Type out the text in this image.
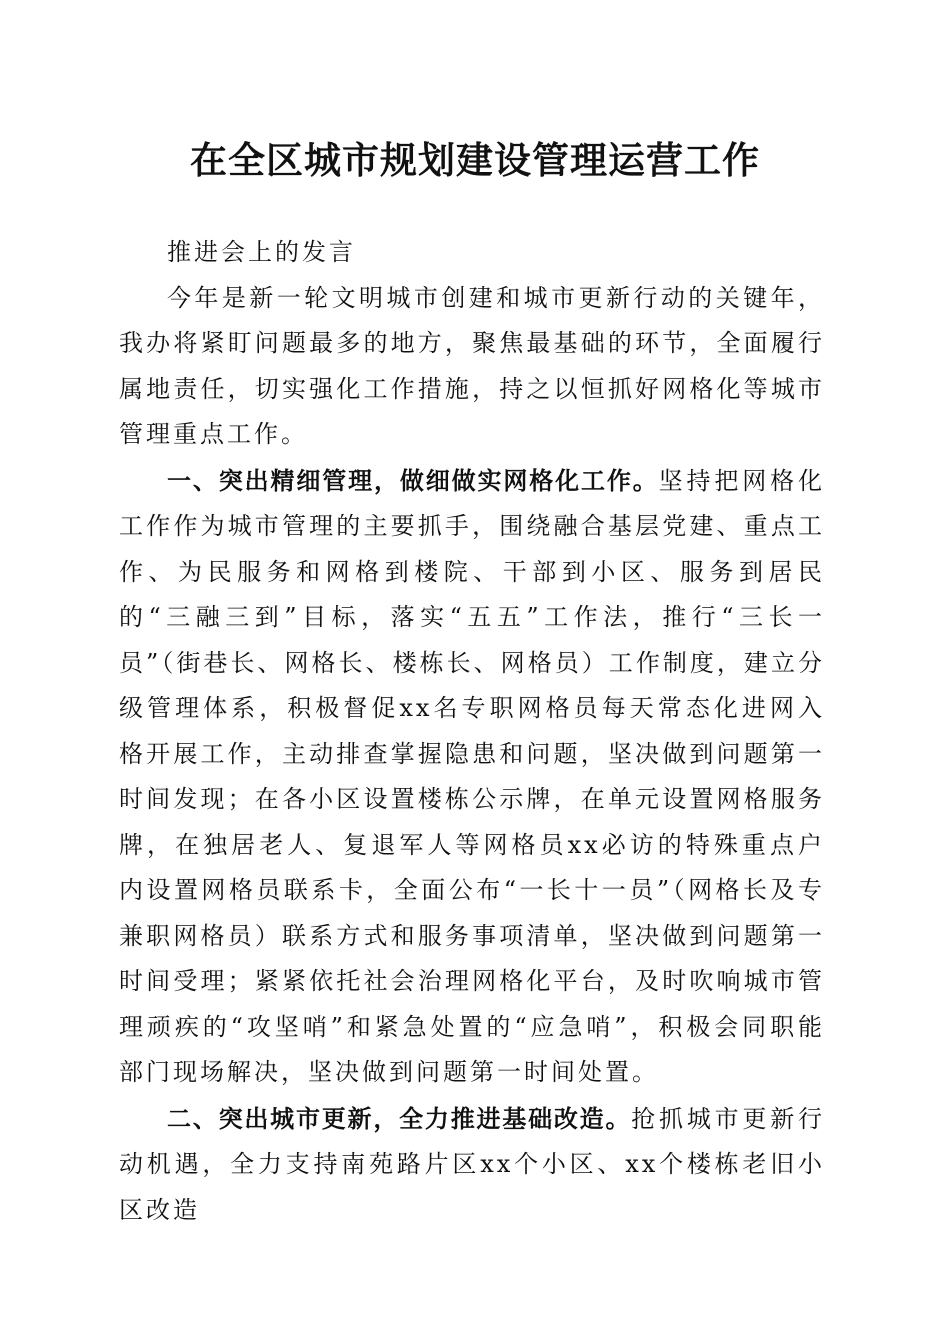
在全区城市规划建设管理运营工作

推进会上的发言

今年是新一轮文明城市创建和城市更新行动的关键年，我办将紧盯问题最多的地方，聚焦最基础的环节，全面履行属地责任，切实强化工作措施，持之以恒抓好网格化等城市管理重点工作。

一、突出精细管理，做细做实网格化工作。坚持把网格化工作作为城市管理的主要抓手，围绕融合基层党建、重点工作、为民服务和网格到楼院、干部到小区、服务到居民的“三融三到”目标，落实“五五”工作法，推行“三长一员”（街巷长、网格长、楼栋长、网格员）工作制度，建立分级管理体系，积极督促xx名专职网格员每天常态化进网入格开展工作，主动排查掌握隐患和问题，坚决做到问题第一时间发现；在各小区设置楼栋公示牌，在单元设置网格服务牌，在独居老人、复退军人等网格员xx必访的特殊重点户内设置网格员联系卡，全面公布“一长十一员”（网格长及专兼职网格员）联系方式和服务事项清单，坚决做到问题第一时间受理；紧紧依托社会治理网格化平台，及时吹响城市管理顽疾的“攻坚哨”和紧急处置的“应急哨”，积极会同职能部门现场解决，坚决做到问题第一时间处置。

二、突出城市更新，全力推进基础改造。抢抓城市更新行动机遇，全力支持南苑路片区xx个小区、xx个楼栋老旧小区改造
